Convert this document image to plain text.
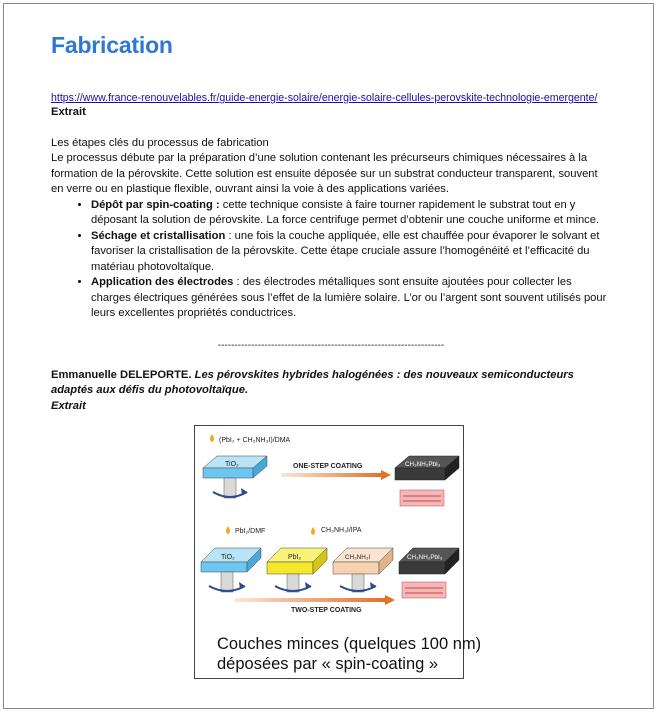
Fabrication
https://www.france-renouvelables.fr/guide-energie-solaire/energie-solaire-cellules-perovskite-technologie-emergente/

Extrait

Les étapes clés du processus de fabrication

Le processus débute par la préparation d’une solution contenant les précurseurs chimiques nécessaires à la formation de la pérovskite. Cette solution est ensuite déposée sur un substrat conducteur transparent, souvent en verre ou en plastique flexible, ouvrant ainsi la voie à des applications variées.

• Dépôt par spin-coating : cette technique consiste à faire tourner rapidement le substrat tout en y déposant la solution de pérovskite. La force centrifuge permet d’obtenir une couche uniforme et mince.
• Séchage et cristallisation : une fois la couche appliquée, elle est chauffée pour évaporer le solvant et favoriser la cristallisation de la pérovskite. Cette étape cruciale assure l’homogénéité et l’efficacité du matériau photovoltaïque.
• Application des électrodes : des électrodes métalliques sont ensuite ajoutées pour collecter les charges électriques générées sous l’effet de la lumière solaire. L’or ou l’argent sont souvent utilisés pour leurs excellentes propriétés conductrices.

--------------------------------------------------------------------

Emmanuelle DELEPORTE. Les pérovskites hybrides halogénées : des nouveaux semiconducteurs adaptés aux défis du photovoltaïque.

Extrait

(PbI₂ + CH₃NH₃I)/DMA
TiO₂	ONE-STEP COATING	CH₃NH₃PbI₃
PbI₂/DMF	CH₃NH₃I/IPA
TiO₂	PbI₂	CH₃NH₃I	CH₃NH₃PbI₃
TWO-STEP COATING
Couches minces (quelques 100 nm)
déposées par « spin-coating »
